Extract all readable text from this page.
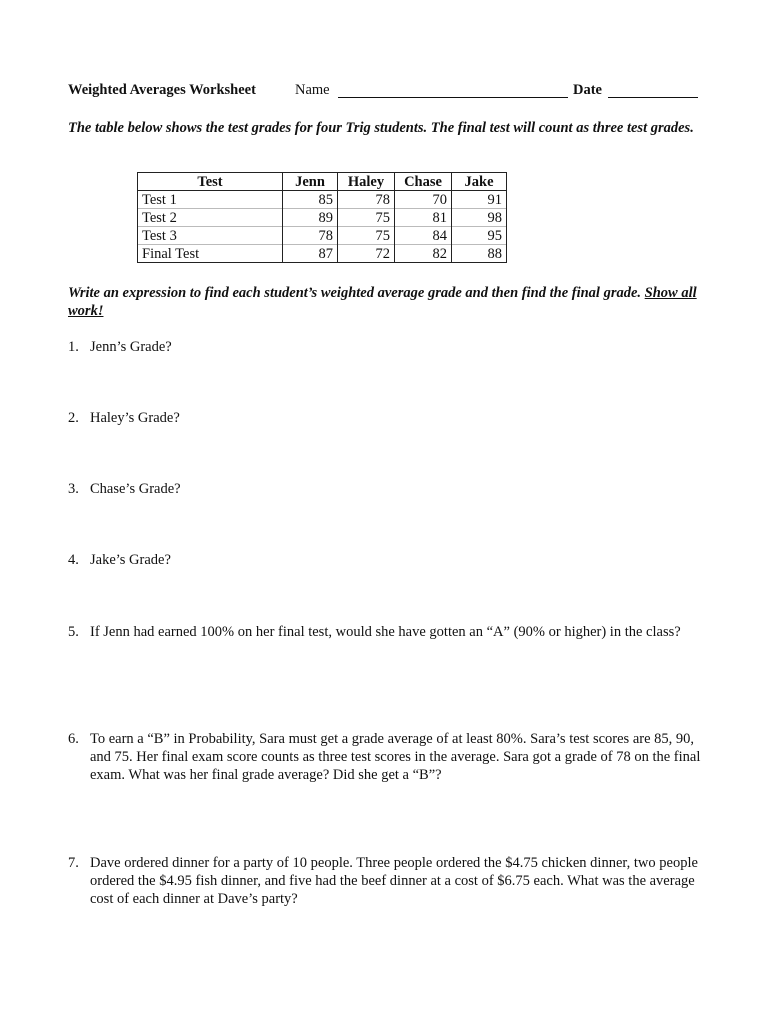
Weighted Averages Worksheet	Name	Date
The table below shows the test grades for four Trig students. The final test will count as three test grades.
Test	Jenn	Haley	Chase	Jake
Test 1	85	78	70	91
Test 2	89	75	81	98
Test 3	78	75	84	95
Final Test	87	72	82	88
Write an expression to find each student’s weighted average grade and then find the final grade. Show all work!
1. Jenn’s Grade?
2. Haley’s Grade?
3. Chase’s Grade?
4. Jake’s Grade?
5. If Jenn had earned 100% on her final test, would she have gotten an “A” (90% or higher) in the class?
6. To earn a “B” in Probability, Sara must get a grade average of at least 80%. Sara’s test scores are 85, 90, and 75. Her final exam score counts as three test scores in the average. Sara got a grade of 78 on the final exam. What was her final grade average? Did she get a “B”?
7. Dave ordered dinner for a party of 10 people. Three people ordered the $4.75 chicken dinner, two people ordered the $4.95 fish dinner, and five had the beef dinner at a cost of $6.75 each. What was the average cost of each dinner at Dave’s party?
